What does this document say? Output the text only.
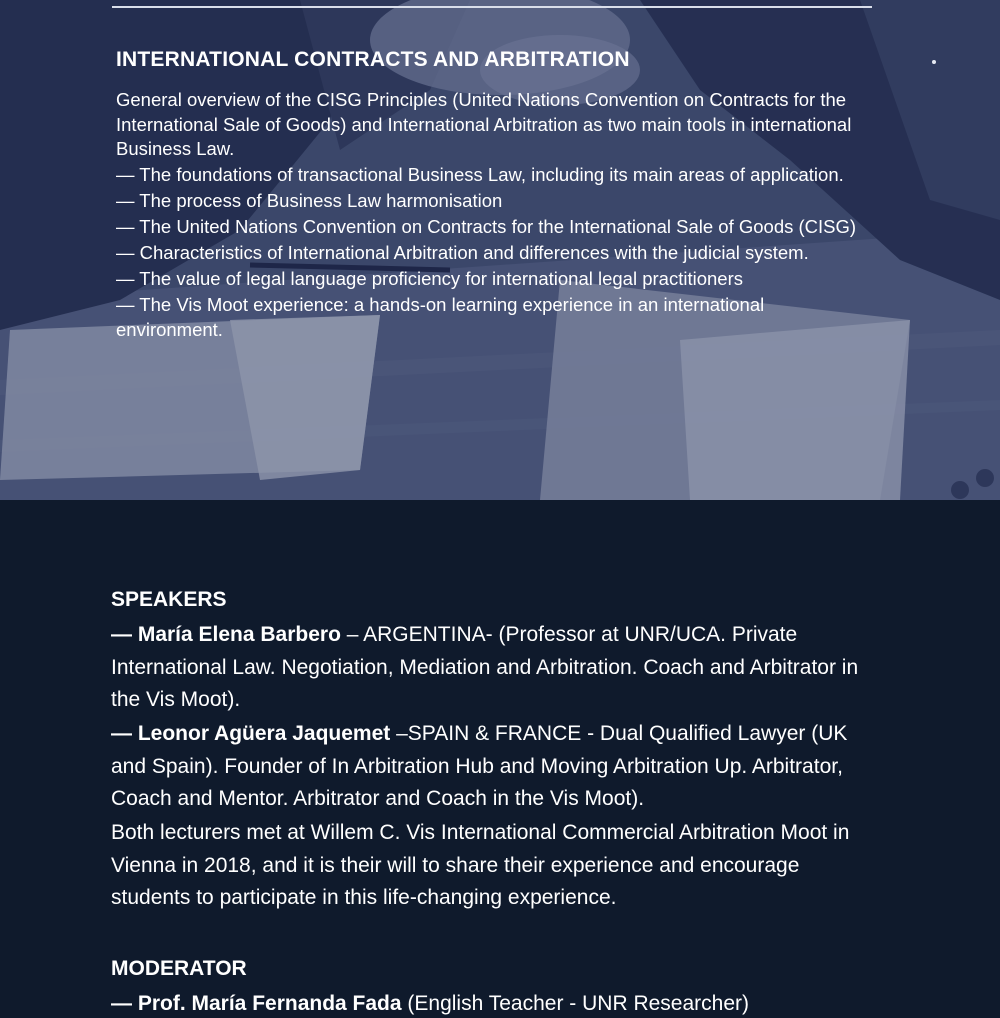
INTERNATIONAL CONTRACTS AND ARBITRATION

General overview of the CISG Principles (United Nations Convention on Contracts for the International Sale of Goods) and International Arbitration as two main tools in international Business Law.

— The foundations of transactional Business Law, including its main areas of application.

— The process of Business Law harmonisation

— The United Nations Convention on Contracts for the International Sale of Goods (CISG)

— Characteristics of International Arbitration and differences with the judicial system.

— The value of legal language proficiency for international legal practitioners

— The Vis Moot experience: a hands-on learning experience in an international environment.

SPEAKERS

— María Elena Barbero – ARGENTINA- (Professor at UNR/UCA. Private International Law. Negotiation, Mediation and Arbitration. Coach and Arbitrator in the Vis Moot).

— Leonor Agüera Jaquemet –SPAIN & FRANCE - Dual Qualified Lawyer (UK and Spain). Founder of In Arbitration Hub and Moving Arbitration Up. Arbitrator, Coach and Mentor. Arbitrator and Coach in the Vis Moot).

Both lecturers met at Willem C. Vis International Commercial Arbitration Moot in Vienna in 2018, and it is their will to share their experience and encourage students to participate in this life-changing experience.

MODERATOR
— Prof. María Fernanda Fada (English Teacher - UNR Researcher)
